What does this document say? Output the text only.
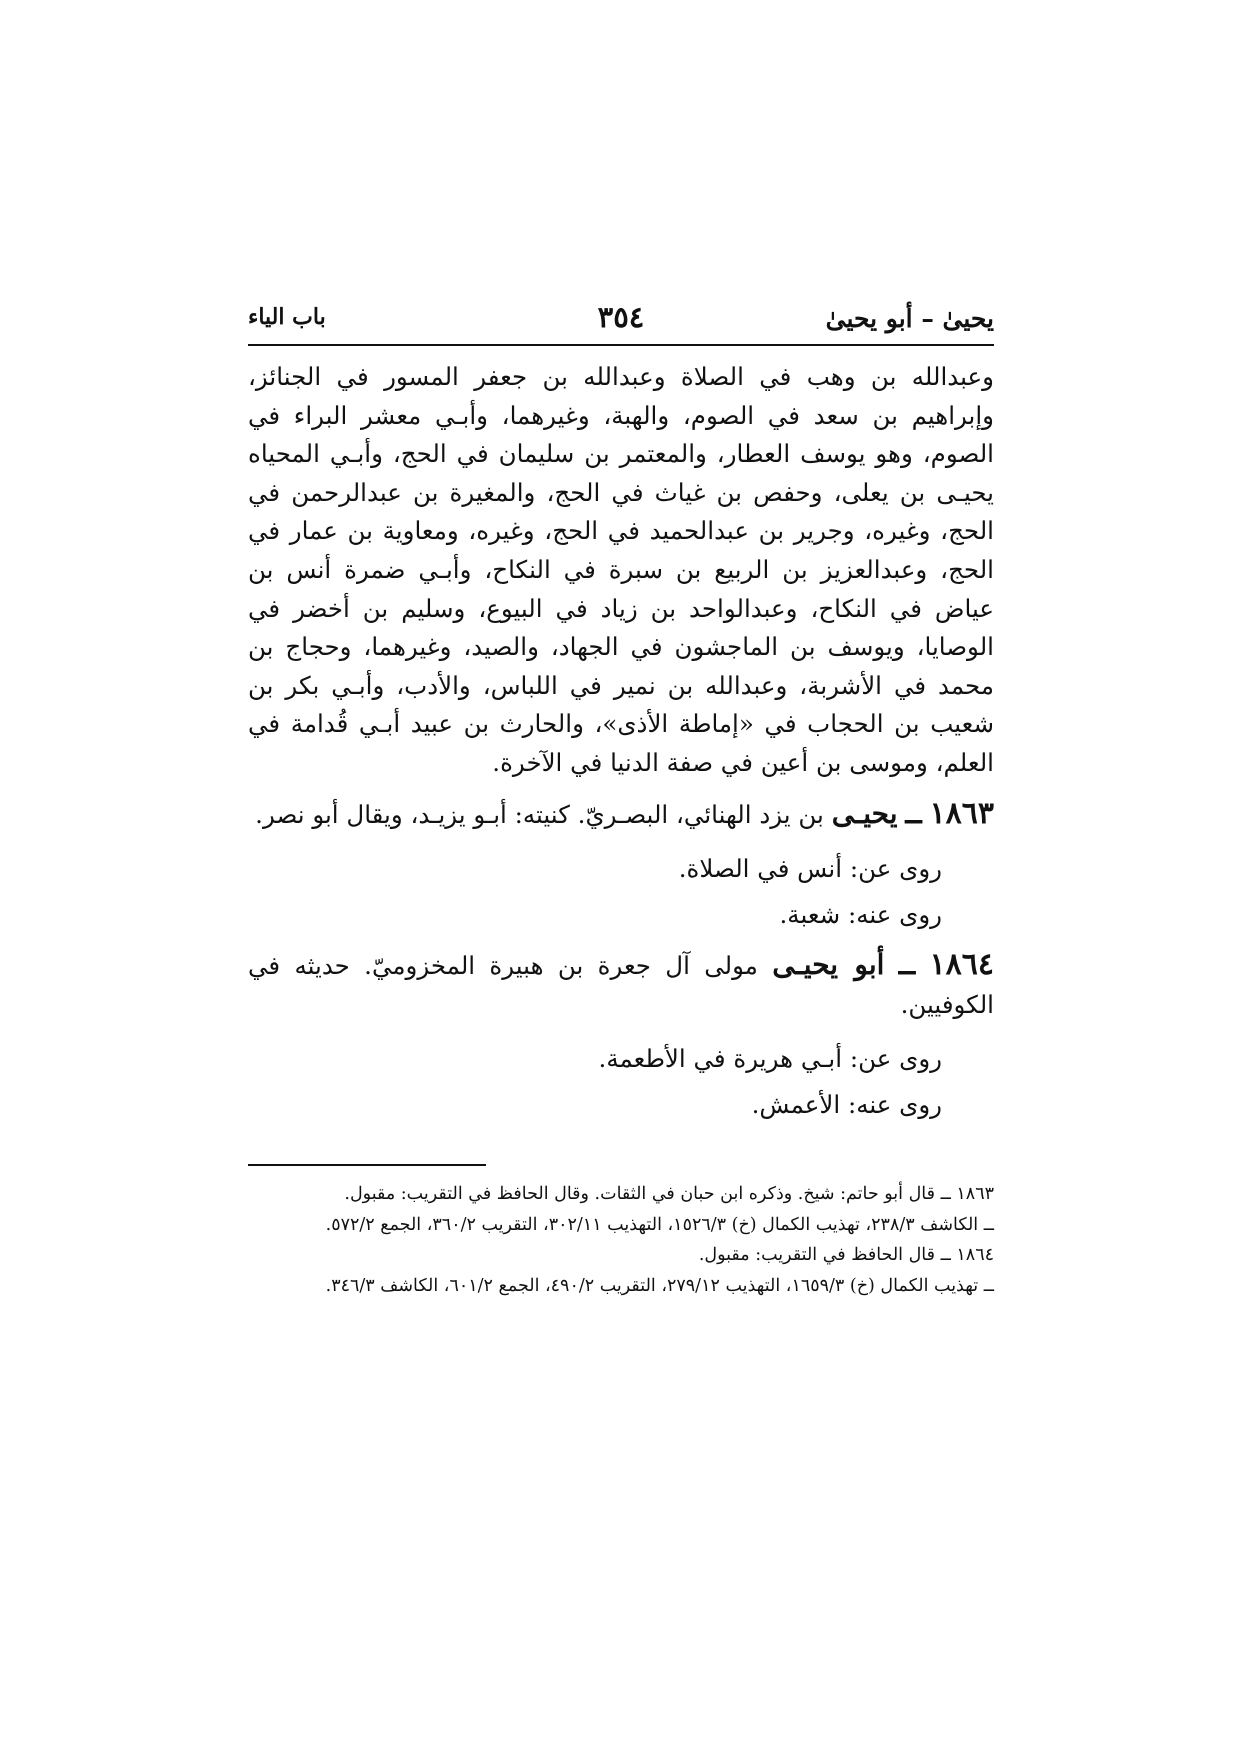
يحيىٰ – أبو يحيىٰ
٣٥٤
باب الياء

وعبدالله بن وهب في الصلاة وعبدالله بن جعفر المسور في الجنائز، وإبراهيم بن سعد في الصوم، والهبة، وغيرهما، وأبـي معشر البراء في الصوم، وهو يوسف العطار، والمعتمر بن سليمان في الحج، وأبـي المحياه يحيـى بن يعلى، وحفص بن غياث في الحج، والمغيرة بن عبدالرحمن في الحج، وغيره، وجرير بن عبدالحميد في الحج، وغيره، ومعاوية بن عمار في الحج، وعبدالعزيز بن الربيع بن سبرة في النكاح، وأبـي ضمرة أنس بن عياض في النكاح، وعبدالواحد بن زياد في البيوع، وسليم بن أخضر في الوصايا، ويوسف بن الماجشون في الجهاد، والصيد، وغيرهما، وحجاج بن محمد في الأشربة، وعبدالله بن نمير في اللباس، والأدب، وأبـي بكر بن شعيب بن الحجاب في «إماطة الأذى»، والحارث بن عبيد أبـي قُدامة في العلم، وموسى بن أعين في صفة الدنيا في الآخرة.

١٨٦٣ ــ يحيـى بن يزد الهنائي، البصـريّ. كنيته: أبـو يزيـد، ويقال أبو نصر.

روى عن: أنس في الصلاة.

روى عنه: شعبة.

١٨٦٤ ــ أبو يحيـى مولى آل جعرة بن هبيرة المخزوميّ. حديثه في الكوفيين.

روى عن: أبـي هريرة في الأطعمة.

روى عنه: الأعمش.

١٨٦٣ ــ قال أبو حاتم: شيخ. وذكره ابن حبان في الثقات. وقال الحافظ في التقريب: مقبول.

ــ الكاشف ٢٣٨/٣، تهذيب الكمال (خ) ١٥٢٦/٣، التهذيب ٣٠٢/١١، التقريب ٣٦٠/٢، الجمع ٥٧٢/٢.

١٨٦٤ ــ قال الحافظ في التقريب: مقبول.

ــ تهذيب الكمال (خ) ١٦٥٩/٣، التهذيب ٢٧٩/١٢، التقريب ٤٩٠/٢، الجمع ٦٠١/٢، الكاشف ٣٤٦/٣.
